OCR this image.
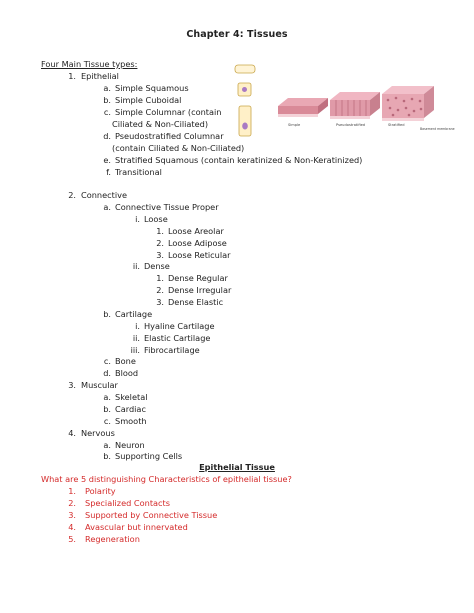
Chapter 4: Tissues
Four Main Tissue types:
1. Epithelial
a. Simple Squamous
b. Simple Cuboidal
c. Simple Columnar (contain
Ciliated & Non-Ciliated)
d. Pseudostratified Columnar
(contain Ciliated & Non-Ciliated)
e. Stratified Squamous (contain keratinized & Non-Keratinized)
f. Transitional
2. Connective
a. Connective Tissue Proper
i. Loose
1. Loose Areolar
2. Loose Adipose
3. Loose Reticular
ii. Dense
1. Dense Regular
2. Dense Irregular
3. Dense Elastic
b. Cartilage
i. Hyaline Cartilage
ii. Elastic Cartilage
iii. Fibrocartilage
c. Bone
d. Blood
3. Muscular
a. Skeletal
b. Cardiac
c. Smooth
4. Nervous
a. Neuron
b. Supporting Cells
Simple	Pseudostratified	Stratified
Basement membrane
Epithelial Tissue
What are 5 distinguishing Characteristics of epithelial tissue?
1. Polarity
2. Specialized Contacts
3. Supported by Connective Tissue
4. Avascular but innervated
5. Regeneration
